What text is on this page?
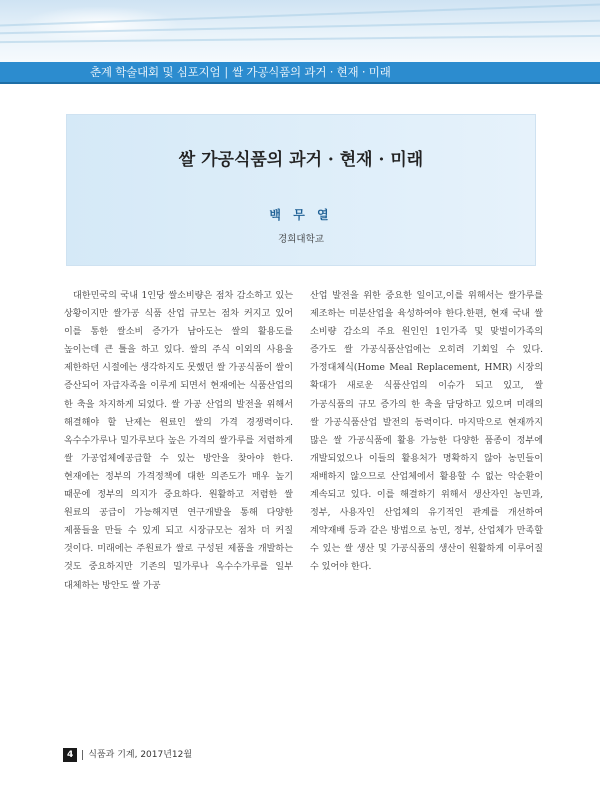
춘계 학술대회 및 심포지엄 | 쌀 가공식품의 과거 · 현재 · 미래
쌀 가공식품의 과거 · 현재 · 미래
백 무 열
경희대학교
대한민국의 국내 1인당 쌀소비량은 점차 감소하고 있는 상황이지만 쌀가공 식품 산업 규모는 점차 커지고 있어 이를 통한 쌀소비 증가가 남아도는 쌀의 활용도를 높이는데 큰 틀을 하고 있다. 쌀의 주식 이외의 사용을 제한하던 시절에는 생각하지도 못했던 쌀 가공식품이 쌀이 증산되어 자급자족을 이루게 되면서 현재에는 식품산업의 한 축을 차지하게 되었다. 쌀 가공 산업의 발전을 위해서 해결해야 할 난제는 원료인 쌀의 가격 경쟁력이다. 옥수수가루나 밀가루보다 높은 가격의 쌀가루를 저렴하게 쌀 가공업체에공급할 수 있는 방안을 찾아야 한다. 현재에는 정부의 가격정책에 대한 의존도가 매우 높기 때문에 정부의 의지가 중요하다. 원활하고 저렴한 쌀 원료의 공급이 가능해지면 연구개발을 통해 다양한 제품들을 만들 수 있게 되고 시장규모는 점차 더 커질 것이다. 미래에는 주원료가 쌀로 구성된 제품을 개발하는 것도 중요하지만 기존의 밀가루나 옥수수가루를 일부 대체하는 방안도 쌀 가공
산업 발전을 위한 중요한 일이고,이를 위해서는 쌀가루를 제조하는 미분산업을 육성하여야 한다.한편, 현재 국내 쌀 소비량 감소의 주요 원인인 1인가족 및 맞벌이가족의 증가도 쌀 가공식품산업에는 오히려 기회일 수 있다. 가정대체식(Home Meal Replacement, HMR) 시장의 확대가 새로운 식품산업의 이슈가 되고 있고, 쌀 가공식품의 규모 증가의 한 축을 담당하고 있으며 미래의 쌀 가공식품산업 발전의 동력이다. 마지막으로 현재까지 많은 쌀 가공식품에 활용 가능한 다양한 품종이 정부에 개발되었으나 이들의 활용처가 명확하지 않아 농민들이 재배하지 않으므로 산업체에서 활용할 수 없는 악순환이 계속되고 있다. 이를 해결하기 위해서 생산자인 농민과, 정부, 사용자인 산업체의 유기적인 관계를 개선하여 계약재배 등과 같은 방법으로 농민, 정부, 산업체가 만족할 수 있는 쌀 생산 및 가공식품의 생산이 원활하게 이루어질 수 있어야 한다.
4 식품과 기계, 2017년12월
